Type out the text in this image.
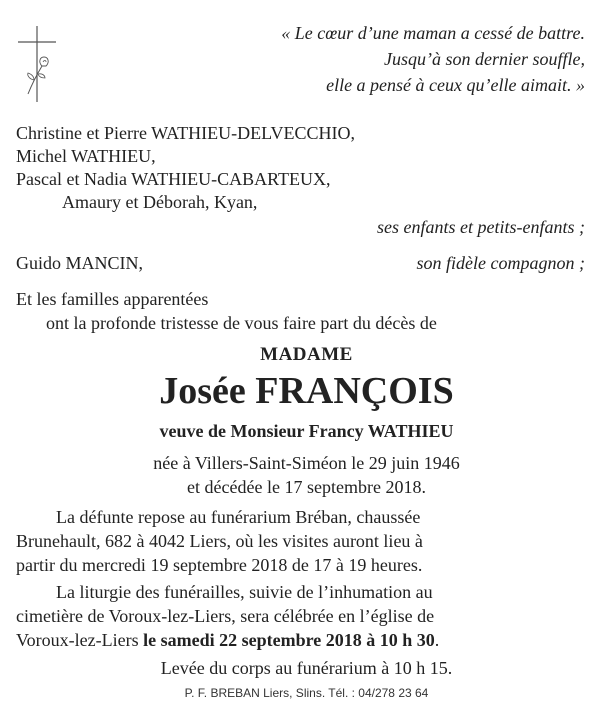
« Le cœur d’une maman a cessé de battre.
Jusqu’à son dernier souffle,
elle a pensé à ceux qu’elle aimait. »
Christine et Pierre WATHIEU-DELVECCHIO,
Michel WATHIEU,
Pascal et Nadia WATHIEU-CABARTEUX,
Amaury et Déborah, Kyan,
ses enfants et petits-enfants ;
Guido MANCIN,	son fidèle compagnon ;
Et les familles apparentées
ont la profonde tristesse de vous faire part du décès de
MADAME
Josée FRANÇOIS
veuve de Monsieur Francy WATHIEU
née à Villers-Saint-Siméon le 29 juin 1946
et décédée le 17 septembre 2018.
La défunte repose au funérarium Bréban, chaussée
Brunehault, 682 à 4042 Liers, où les visites auront lieu à
partir du mercredi 19 septembre 2018 de 17 à 19 heures.
La liturgie des funérailles, suivie de l’inhumation au
cimetière de Voroux-lez-Liers, sera célébrée en l’église de
Voroux-lez-Liers le samedi 22 septembre 2018 à 10 h 30.
Levée du corps au funérarium à 10 h 15.
P. F. BREBAN Liers, Slins. Tél. : 04/278 23 64
